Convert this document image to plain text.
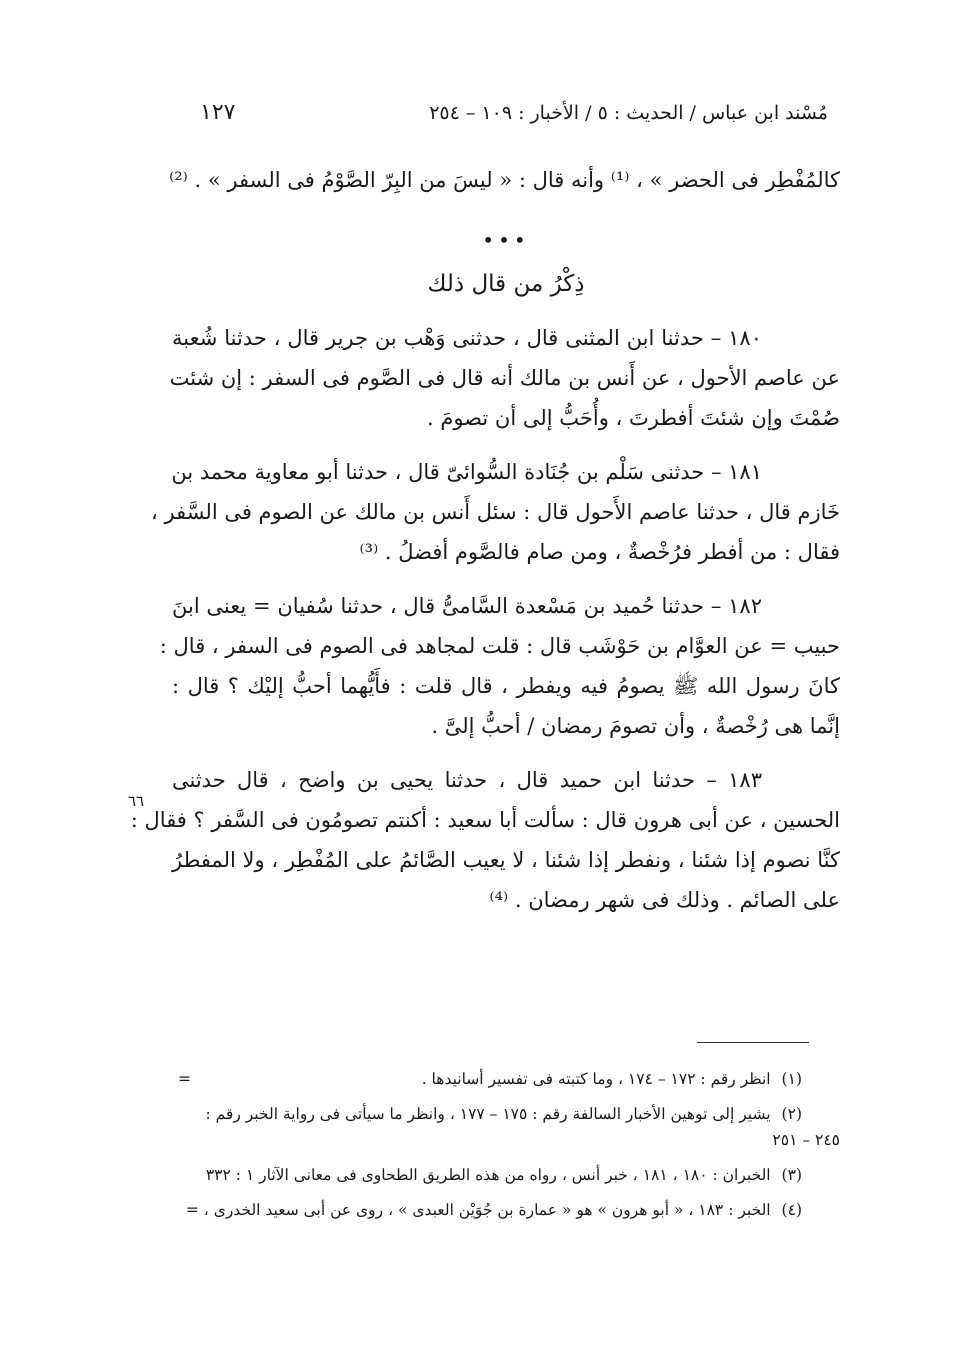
مُسْند ابن عباس / الحديث : ٥ / الأخبار : ١٠٩ – ٢٥٤
١٢٧
كالمُفْطِر فى الحضر » ، ⁽¹⁾ وأنه قال : « ليسَ من البِرّ الصَّوْمُ فى السفر » . ⁽²⁾
•••
ذِكْرُ من قال ذلك
١٨٠ – حدثنا ابن المثنى قال ، حدثنى وَهْب بن جرير قال ، حدثنا شُعبة
عن عاصم الأحول ، عن أَنس بن مالك أنه قال فى الصَّوم فى السفر : إن شئت
صُمْتَ وإن شئتَ أفطرتَ ، وأُحَبُّ إلى أن تصومَ .
١٨١ – حدثنى سَلْم بن جُنَادة السُّوائىّ قال ، حدثنا أبو معاوية محمد بن
خَازم قال ، حدثنا عاصم الأَحول قال : سئل أَنس بن مالك عن الصوم فى السَّفر ،
فقال : من أفطر فرُخْصةٌ ، ومن صام فالصَّوم أفضلُ . ⁽³⁾
١٨٢ – حدثنا حُميد بن مَسْعدة السَّامىُّ قال ، حدثنا سُفيان = يعنى ابنَ
حبيب = عن العوَّام بن حَوْشَب قال : قلت لمجاهد فى الصوم فى السفر ، قال :
كانَ رسول الله ﷺ يصومُ فيه ويفطر ، قال قلت : فأَيُّهما أحبُّ إليْك ؟ قال :
إنَّما هى رُخْصةٌ ، وأن تصومَ رمضان / أحبُّ إلىَّ .
١٨٣ – حدثنا ابن حميد قال ، حدثنا يحيى بن واضح ، قال حدثنى
الحسين ، عن أبى هرون قال : سألت أبا سعيد : أكنتم تصومُون فى السَّفر ؟ فقال :
كنَّا نصوم إذا شئنا ، ونفطر إذا شئنا ، لا يعيب الصَّائمُ على المُفْطِر ، ولا المفطرُ
على الصائم . وذلك فى شهر رمضان . ⁽⁴⁾
٦٦
=	(١) انظر رقم : ١٧٢ – ١٧٤ ، وما كتبته فى تفسير أسانيدها .
(٢) يشير إلى توهين الأخبار السالفة رقم : ١٧٥ – ١٧٧ ، وانظر ما سيأتى فى رواية الخبر رقم :
٢٤٥ – ٢٥١
(٣) الخبران : ١٨٠ ، ١٨١ ، خبر أنس ، رواه من هذه الطريق الطحاوى فى معانى الآثار ١ : ٣٣٢
(٤) الخبر : ١٨٣ ، « أبو هرون » هو « عمارة بن جُوَيْن العبدى » ، روى عن أبى سعيد الخدرى ، =
